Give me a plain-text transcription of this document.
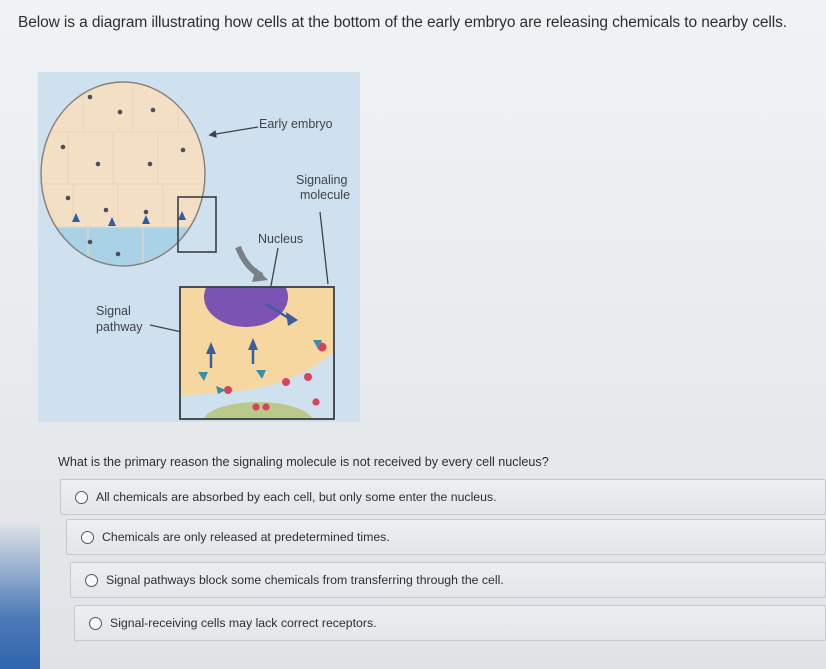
Below is a diagram illustrating how cells at the bottom of the early embryo are releasing chemicals to nearby cells.
Early embryo
Signaling
molecule
Nucleus
Signal
pathway
What is the primary reason the signaling molecule is not received by every cell nucleus?
All chemicals are absorbed by each cell, but only some enter the nucleus.
Chemicals are only released at predetermined times.
Signal pathways block some chemicals from transferring through the cell.
Signal-receiving cells may lack correct receptors.
